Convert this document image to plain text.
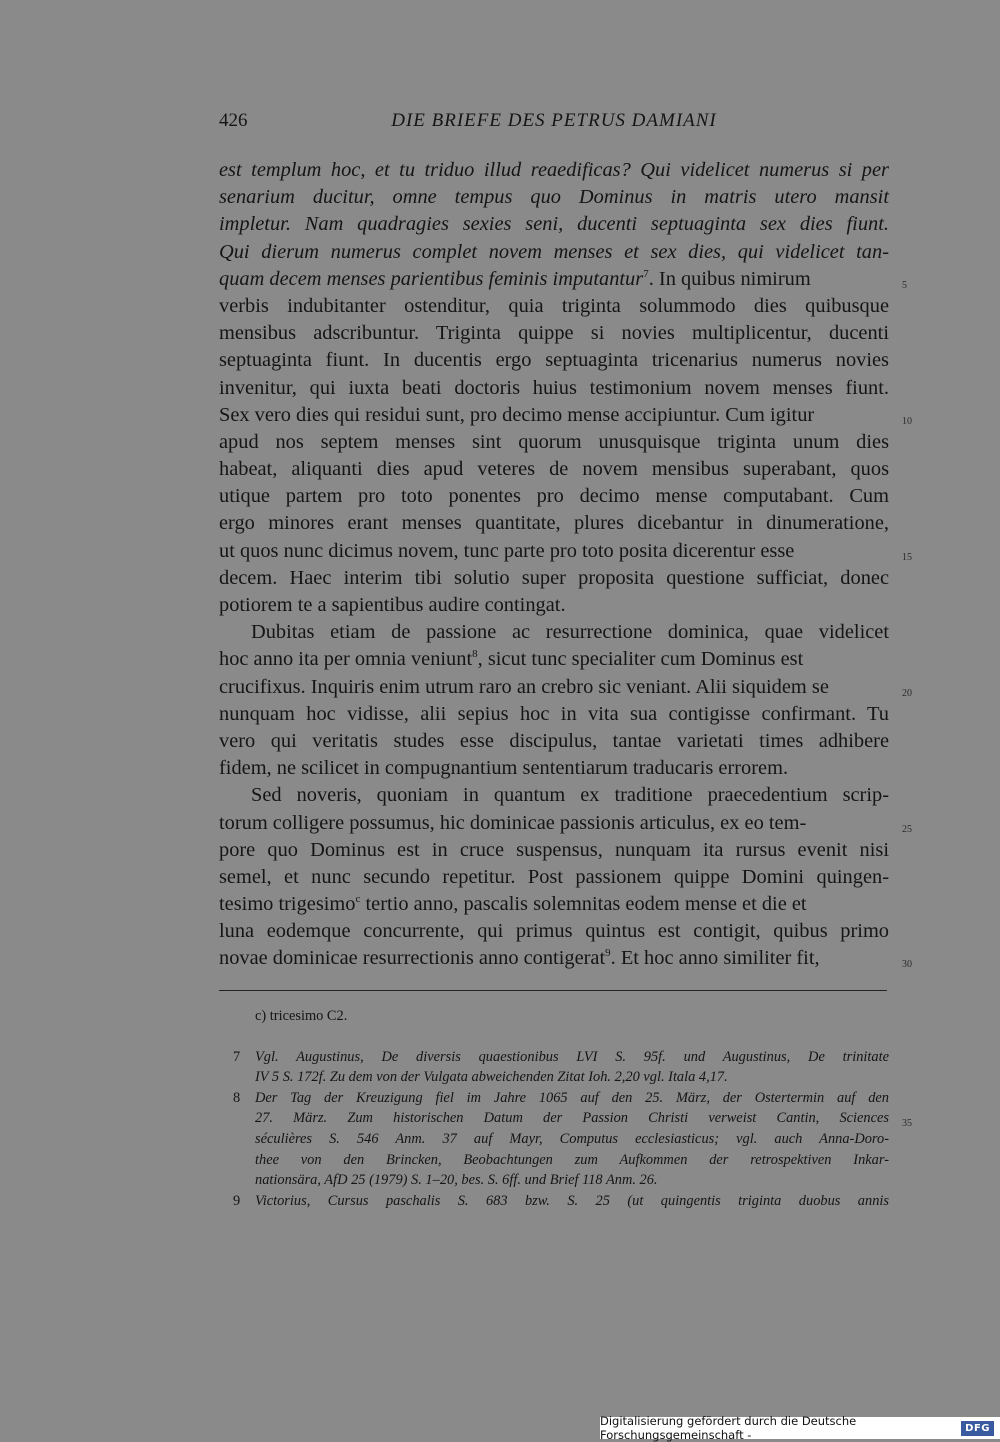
426	DIE BRIEFE DES PETRUS DAMIANI
est templum hoc, et tu triduo illud reaedificas? Qui videlicet numerus si per
senarium ducitur, omne tempus quo Dominus in matris utero mansit
impletur. Nam quadragies sexies seni, ducenti septuaginta sex dies fiunt.
Qui dierum numerus complet novem menses et sex dies, qui videlicet tan-
quam decem menses parientibus feminis imputantur$^7$. In quibus nimirum	5
verbis indubitanter ostenditur, quia triginta solummodo dies quibusque
mensibus adscribuntur. Triginta quippe si novies multiplicentur, ducenti
septuaginta fiunt. In ducentis ergo septuaginta tricenarius numerus novies
invenitur, qui iuxta beati doctoris huius testimonium novem menses fiunt.
Sex vero dies qui residui sunt, pro decimo mense accipiuntur. Cum igitur	10
apud nos septem menses sint quorum unusquisque triginta unum dies
habeat, aliquanti dies apud veteres de novem mensibus superabant, quos
utique partem pro toto ponentes pro decimo mense computabant. Cum
ergo minores erant menses quantitate, plures dicebantur in dinumeratione,
ut quos nunc dicimus novem, tunc parte pro toto posita dicerentur esse	15
decem. Haec interim tibi solutio super proposita questione sufficiat, donec
potiorem te a sapientibus audire contingat.
Dubitas etiam de passione ac resurrectione dominica, quae videlicet
hoc anno ita per omnia veniunt$^8$, sicut tunc specialiter cum Dominus est
crucifixus. Inquiris enim utrum raro an crebro sic veniant. Alii siquidem se	20
nunquam hoc vidisse, alii sepius hoc in vita sua contigisse confirmant. Tu
vero qui veritatis studes esse discipulus, tantae varietati times adhibere
fidem, ne scilicet in compugnantium sententiarum traducaris errorem.
Sed noveris, quoniam in quantum ex traditione praecedentium scrip-
torum colligere possumus, hic dominicae passionis articulus, ex eo tem-	25
pore quo Dominus est in cruce suspensus, nunquam ita rursus evenit nisi
semel, et nunc secundo repetitur. Post passionem quippe Domini quingen-
tesimo trigesimo$^c$ tertio anno, pascalis solemnitas eodem mense et die et
luna eodemque concurrente, qui primus quintus est contigit, quibus primo
novae dominicae resurrectionis anno contigerat$^9$. Et hoc anno similiter fit,	30
c) tricesimo C2.
7 Vgl. Augustinus, De diversis quaestionibus LVI S. 95f. und Augustinus, De trinitate
IV 5 S. 172f. Zu dem von der Vulgata abweichenden Zitat Ioh. 2,20 vgl. Itala 4,17.
8 Der Tag der Kreuzigung fiel im Jahre 1065 auf den 25. März, der Ostertermin auf den
27. März. Zum historischen Datum der Passion Christi verweist Cantin, Sciences 35
séculières S. 546 Anm. 37 auf Mayr, Computus ecclesiasticus; vgl. auch Anna-Doro-
thee von den Brincken, Beobachtungen zum Aufkommen der retrospektiven Inkar-
nationsära, AfD 25 (1979) S. 1–20, bes. S. 6ff. und Brief 118 Anm. 26.
9 Victorius, Cursus paschalis S. 683 bzw. S. 25 (ut quingentis triginta duobus annis
Digitalisierung gefördert durch die Deutsche Forschungsgemeinschaft -	DFG
